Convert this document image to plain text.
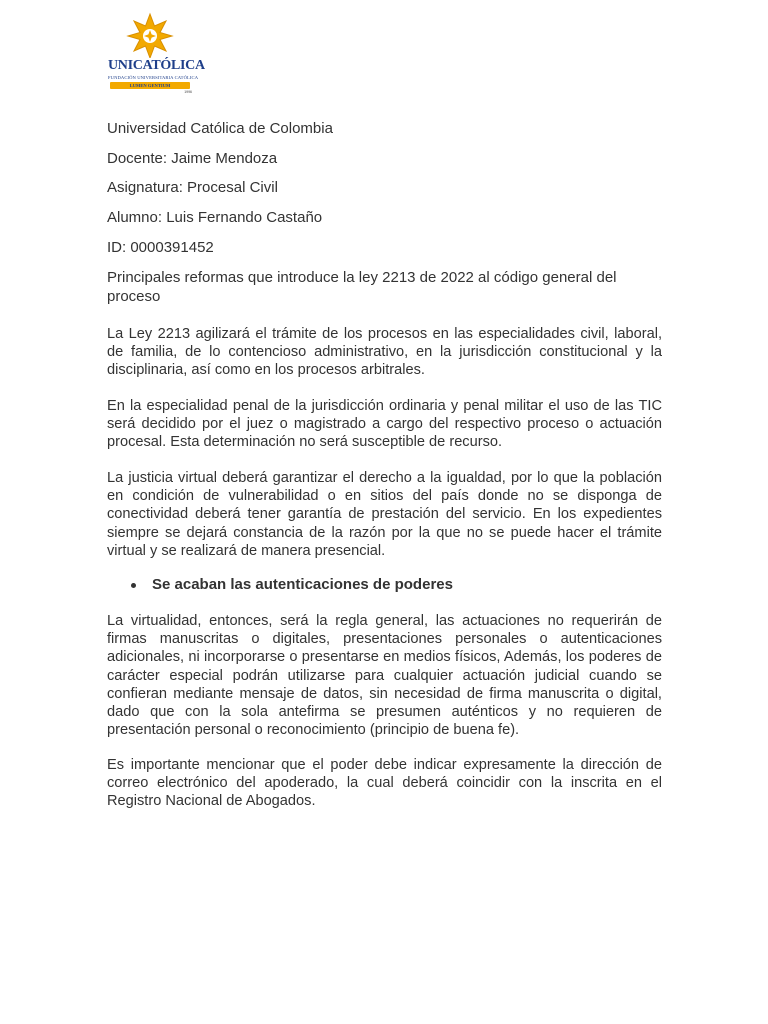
UNICATÓLICA
FUNDACIÓN UNIVERSITARIA CATÓLICA
LUMEN GENTIUM
1996
Universidad Católica de Colombia
Docente: Jaime Mendoza
Asignatura: Procesal Civil
Alumno: Luis Fernando Castaño
ID: 0000391452
Principales reformas que introduce la ley 2213 de 2022 al código general del proceso
La Ley 2213 agilizará el trámite de los procesos en las especialidades civil, laboral, de familia, de lo contencioso administrativo, en la jurisdicción constitucional y la disciplinaria, así como en los procesos arbitrales.
En la especialidad penal de la jurisdicción ordinaria y penal militar el uso de las TIC será decidido por el juez o magistrado a cargo del respectivo proceso o actuación procesal. Esta determinación no será susceptible de recurso.
La justicia virtual deberá garantizar el derecho a la igualdad, por lo que la población en condición de vulnerabilidad o en sitios del país donde no se disponga de conectividad deberá tener garantía de prestación del servicio. En los expedientes siempre se dejará constancia de la razón por la que no se puede hacer el trámite virtual y se realizará de manera presencial.
Se acaban las autenticaciones de poderes
La virtualidad, entonces, será la regla general, las actuaciones no requerirán de firmas manuscritas o digitales, presentaciones personales o autenticaciones adicionales, ni incorporarse o presentarse en medios físicos, Además, los poderes de carácter especial podrán utilizarse para cualquier actuación judicial cuando se confieran mediante mensaje de datos, sin necesidad de firma manuscrita o digital, dado que con la sola antefirma se presumen auténticos y no requieren de presentación personal o reconocimiento (principio de buena fe).
Es importante mencionar que el poder debe indicar expresamente la dirección de correo electrónico del apoderado, la cual deberá coincidir con la inscrita en el Registro Nacional de Abogados.
